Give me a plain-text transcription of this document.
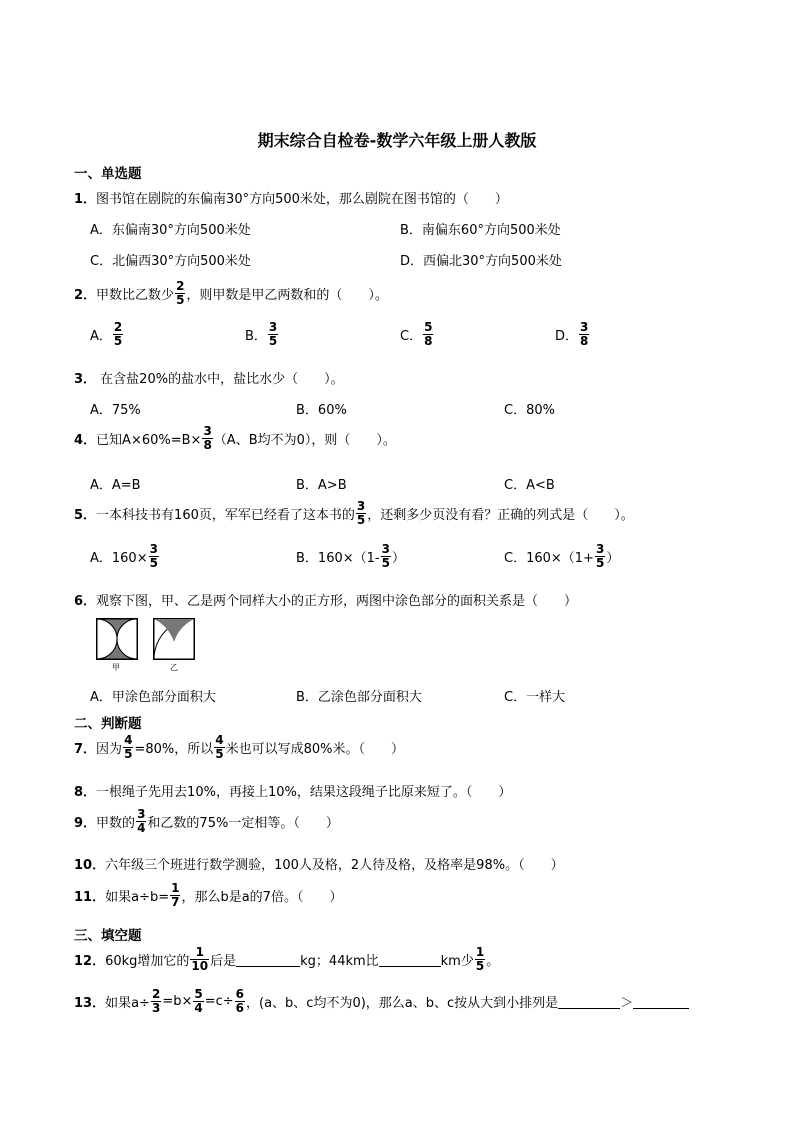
期末综合自检卷-数学六年级上册人教版
一、单选题
1．图书馆在剧院的东偏南30°方向500米处，那么剧院在图书馆的（　　）
A．东偏南30°方向500米处	B．南偏东60°方向500米处
C．北偏西30°方向500米处	D．西偏北30°方向500米处
2． 甲数比乙数少 $\frac{2}{5}$ ，则甲数是甲乙两数和的（　　）。
A． $\frac{2}{5}$	B． $\frac{3}{5}$	C． $\frac{5}{8}$	D． $\frac{3}{8}$
3． 在含盐20%的盐水中，盐比水少（　　）。
A．75%	B．60%	C．80%
4． 已知$A\times 60\%=B\times \frac{3}{8} (A$、B均不为0），则（　　）。
A．A=B	B．A>B	C．A<B
5． 一本科技书有160页，军军已经看了这本书的 $\frac{3}{5}$ ，还剩多少页没有看？正确的列式是（　　）。
A．$160\times \frac{3}{5}$	B．$160\times(1- \frac{3}{5}$ ）	C．$160\times(1+ \frac{3}{5}$ ）
6．观察下图，甲、乙是两个同样大小的正方形，两图中涂色部分的面积关系是（　　）
甲	乙
A．甲涂色部分面积大	B．乙涂色部分面积大	C．一样大
二、判断题
7． 因为 $\frac{4}{5} =80\%$，所以 $\frac{4}{5}$ 米也可以写成80%米。（　　）
8．一根绳子先用去10%，再接上10%，结果这段绳子比原来短了。（　　）
9． 甲数的 $\frac{3}{4}$ 和乙数的75%一定相等。（　　）
10．六年级三个班进行数学测验，100人及格，2人待及格，及格率是98%。（　　）
11． 如果$a\div b= \frac{1}{7}$ ，那么b是a的7倍。（　　）
三、填空题
12． 60kg增加它的 $\frac{1}{10}$ 后是	kg；44km比	km少 $\frac{1}{5}$ 。
13． 如果$a\div \frac{2}{3} =b\times \frac{5}{4} =c\div \frac{6}{6}$ ，(a、b、c均不为0)，那么a、b、c按从大到小排列是	＞
